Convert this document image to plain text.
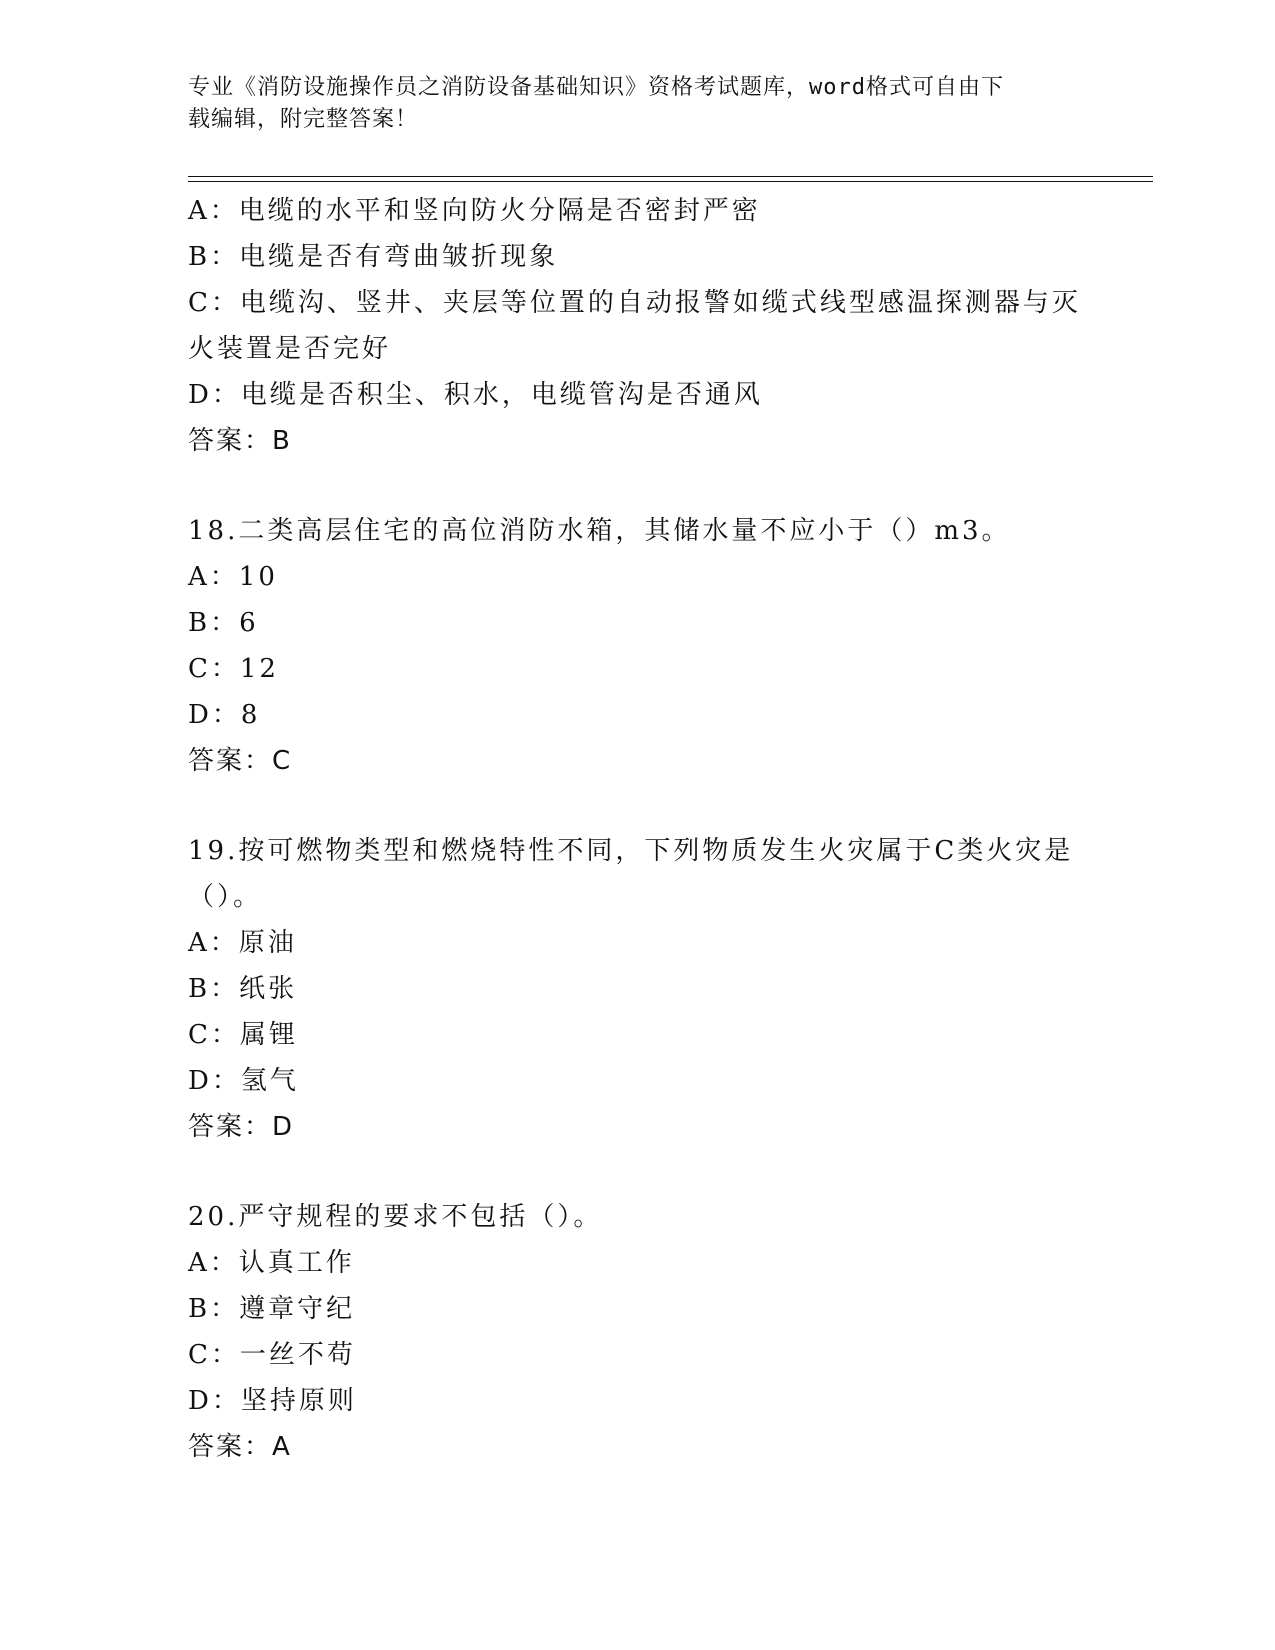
专业《消防设施操作员之消防设备基础知识》资格考试题库，word格式可自由下
载编辑，附完整答案！
A：电缆的水平和竖向防火分隔是否密封严密
B：电缆是否有弯曲皱折现象
C：电缆沟、竖井、夹层等位置的自动报警如缆式线型感温探测器与灭
火装置是否完好
D：电缆是否积尘、积水，电缆管沟是否通风
答案：B
18.二类高层住宅的高位消防水箱，其储水量不应小于（）m3。
A：10
B：6
C：12
D：8
答案：C
19.按可燃物类型和燃烧特性不同，下列物质发生火灾属于C类火灾是
（）。
A：原油
B：纸张
C：属锂
D：氢气
答案：D
20.严守规程的要求不包括（）。
A：认真工作
B：遵章守纪
C：一丝不苟
D：坚持原则
答案：A
